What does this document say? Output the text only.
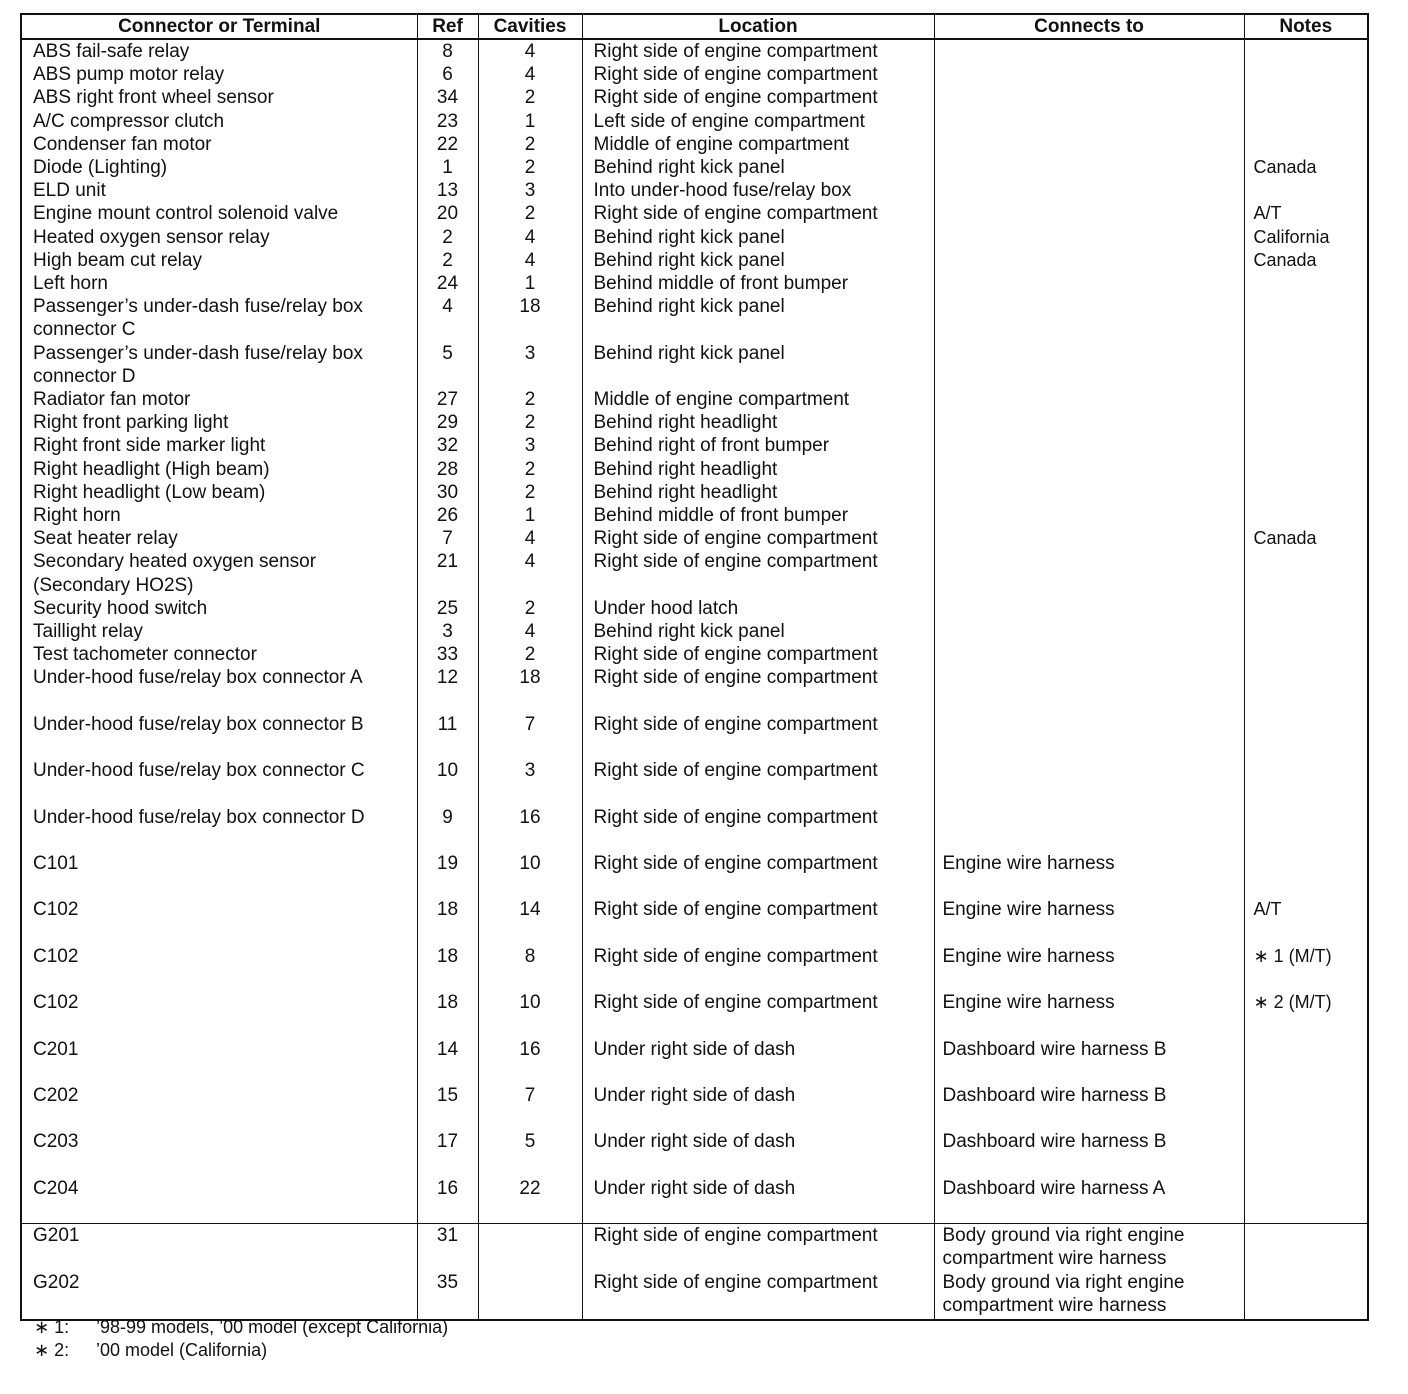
Connector or Terminal	Ref	Cavities	Location	Connects to	Notes
ABS fail-safe relay	8	4	Right side of engine compartment		
ABS pump motor relay	6	4	Right side of engine compartment		
ABS right front wheel sensor	34	2	Right side of engine compartment		
A/C compressor clutch	23	1	Left side of engine compartment		
Condenser fan motor	22	2	Middle of engine compartment		
Diode (Lighting)	1	2	Behind right kick panel		Canada
ELD unit	13	3	Into under-hood fuse/relay box		
Engine mount control solenoid valve	20	2	Right side of engine compartment		A/T
Heated oxygen sensor relay	2	4	Behind right kick panel		California
High beam cut relay	2	4	Behind right kick panel		Canada
Left horn	24	1	Behind middle of front bumper		
Passenger’s under-dash fuse/relay box connector C	4	18	Behind right kick panel		
Passenger’s under-dash fuse/relay box connector D	5	3	Behind right kick panel		
Radiator fan motor	27	2	Middle of engine compartment		
Right front parking light	29	2	Behind right headlight		
Right front side marker light	32	3	Behind right of front bumper		
Right headlight (High beam)	28	2	Behind right headlight		
Right headlight (Low beam)	30	2	Behind right headlight		
Right horn	26	1	Behind middle of front bumper		
Seat heater relay	7	4	Right side of engine compartment		Canada
Secondary heated oxygen sensor (Secondary HO2S)	21	4	Right side of engine compartment		
Security hood switch	25	2	Under hood latch		
Taillight relay	3	4	Behind right kick panel		
Test tachometer connector	33	2	Right side of engine compartment		
Under-hood fuse/relay box connector A	12	18	Right side of engine compartment		
Under-hood fuse/relay box connector B	11	7	Right side of engine compartment		
Under-hood fuse/relay box connector C	10	3	Right side of engine compartment		
Under-hood fuse/relay box connector D	9	16	Right side of engine compartment		
C101	19	10	Right side of engine compartment	Engine wire harness	
C102	18	14	Right side of engine compartment	Engine wire harness	A/T
C102	18	8	Right side of engine compartment	Engine wire harness	∗ 1 (M/T)
C102	18	10	Right side of engine compartment	Engine wire harness	∗ 2 (M/T)
C201	14	16	Under right side of dash	Dashboard wire harness B	
C202	15	7	Under right side of dash	Dashboard wire harness B	
C203	17	5	Under right side of dash	Dashboard wire harness B	
C204	16	22	Under right side of dash	Dashboard wire harness A	
G201	31		Right side of engine compartment	Body ground via right engine compartment wire harness	
G202	35		Right side of engine compartment	Body ground via right engine compartment wire harness	
∗ 1:	’98-99 models, ’00 model (except California)
∗ 2:	’00 model (California)
